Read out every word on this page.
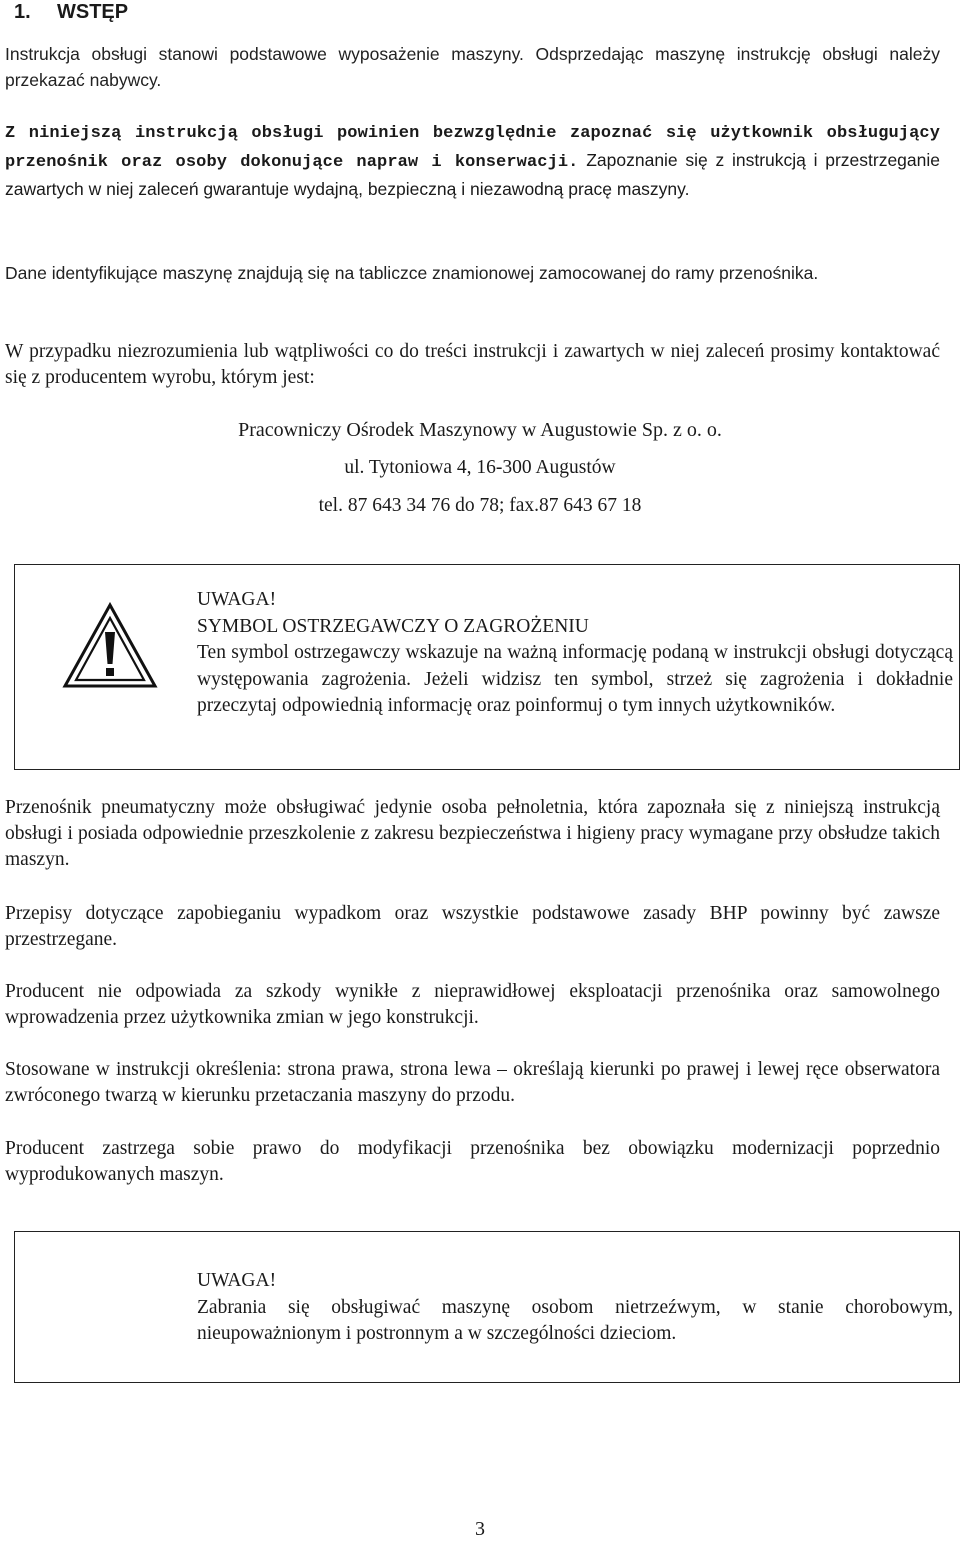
1. WSTĘP

Instrukcja obsługi stanowi podstawowe wyposażenie maszyny. Odsprzedając maszynę instrukcję obsługi należy przekazać nabywcy.

Z niniejszą instrukcją obsługi powinien bezwzględnie zapoznać się użytkownik obsługujący przenośnik oraz osoby dokonujące napraw i konserwacji. Zapoznanie się z instrukcją i przestrzeganie zawartych w niej zaleceń gwarantuje wydajną, bezpieczną i niezawodną pracę maszyny.

Dane identyfikujące maszynę znajdują się na tabliczce znamionowej zamocowanej do ramy przenośnika.

W przypadku niezrozumienia lub wątpliwości co do treści instrukcji i zawartych w niej zaleceń prosimy kontaktować się z producentem wyrobu, którym jest:

Pracowniczy Ośrodek Maszynowy w Augustowie Sp. z o. o.

ul. Tytoniowa 4, 16-300 Augustów

tel. 87 643 34 76 do 78; fax.87 643 67 18

UWAGA!
SYMBOL OSTRZEGAWCZY O ZAGROŻENIU
Ten symbol ostrzegawczy wskazuje na ważną informację podaną w instrukcji obsługi dotyczącą występowania zagrożenia. Jeżeli widzisz ten symbol, strzeż się zagrożenia i dokładnie przeczytaj odpowiednią informację oraz poinformuj o tym innych użytkowników.

Przenośnik pneumatyczny może obsługiwać jedynie osoba pełnoletnia, która zapoznała się z niniejszą instrukcją obsługi i posiada odpowiednie przeszkolenie z zakresu bezpieczeństwa i higieny pracy wymagane przy obsłudze takich maszyn.

Przepisy dotyczące zapobieganiu wypadkom oraz wszystkie podstawowe zasady BHP powinny być zawsze przestrzegane.

Producent nie odpowiada za szkody wynikłe z nieprawidłowej eksploatacji przenośnika oraz samowolnego wprowadzenia przez użytkownika zmian w jego konstrukcji.

Stosowane w instrukcji określenia: strona prawa, strona lewa – określają kierunki po prawej i lewej ręce obserwatora zwróconego twarzą w kierunku przetaczania maszyny do przodu.

Producent zastrzega sobie prawo do modyfikacji przenośnika bez obowiązku modernizacji poprzednio wyprodukowanych maszyn.

UWAGA!
Zabrania się obsługiwać maszynę osobom nietrzeźwym, w stanie chorobowym, nieupoważnionym i postronnym a w szczególności dzieciom.

3
